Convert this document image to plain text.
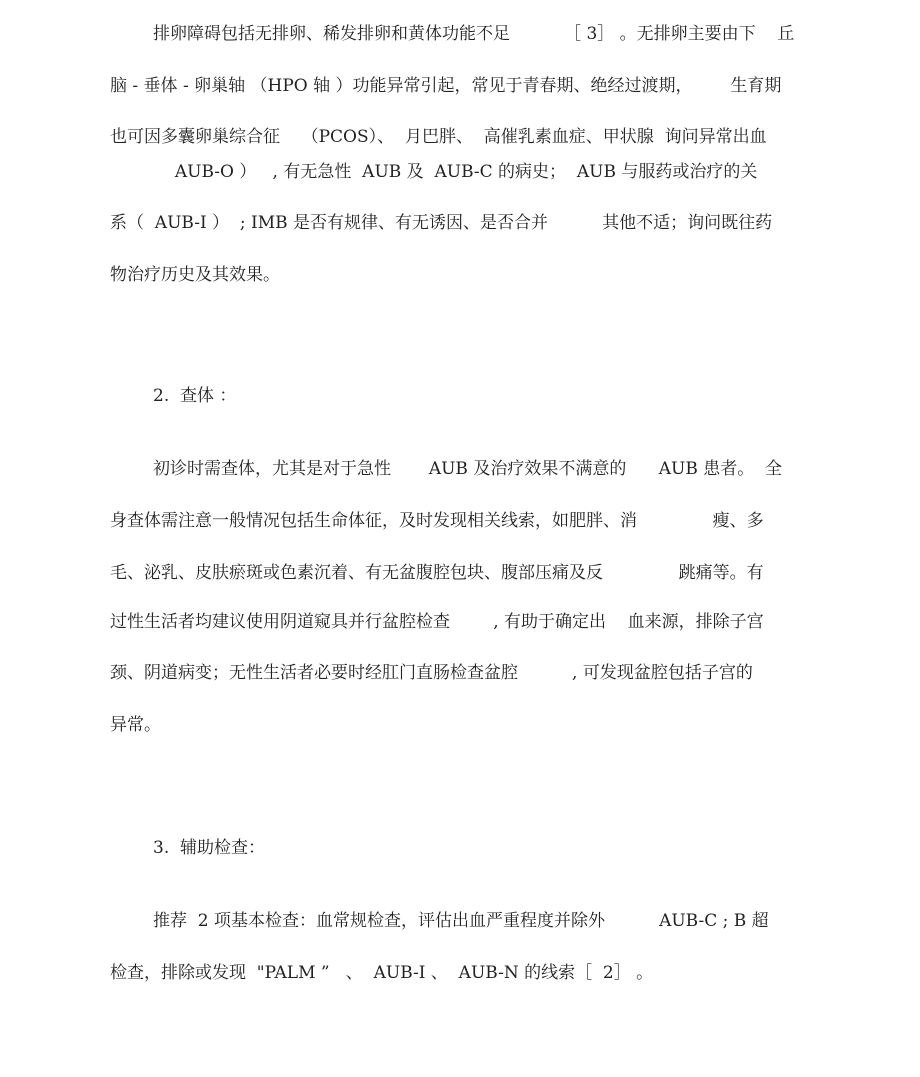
排卵障碍包括无排卵、稀发排卵和黄体功能不足          ［ 3］ 。无排卵主要由下    丘
脑 - 垂体 - 卵巢轴 （HPO 轴 ）功能异常引起，常见于青春期、绝经过渡期，       生育期
也可因多囊卵巢综合征    （PCOS）、  月巴胖、  高催乳素血症、甲状腺  询问异常出血
AUB-O ）   , 有无急性  AUB 及  AUB-C 的病史；  AUB 与服药或治疗的关
系（  AUB-I ）  ; IMB 是否有规律、有无诱因、是否合并          其他不适；询问既往药
物治疗历史及其效果。
2.  查体 ：
初诊时需查体，尤其是对于急性       AUB 及治疗效果不满意的      AUB 患者。  全
身查体需注意一般情况包括生命体征，及时发现相关线索，如肥胖、消              瘦、多
毛、泌乳、皮肤瘀斑或色素沉着、有无盆腹腔包块、腹部压痛及反              跳痛等。有
过性生活者均建议使用阴道窥具并行盆腔检查        , 有助于确定出    血来源，排除子宫
颈、阴道病变；无性生活者必要时经肛门直肠检查盆腔          , 可发现盆腔包括子宫的
异常。
3.  辅助检查：
推荐  2 项基本检查：血常规检查，评估出血严重程度并除外          AUB-C ; B 超
检查，排除或发现  "PALM ”   、  AUB-I 、  AUB-N 的线索［  2］ 。
